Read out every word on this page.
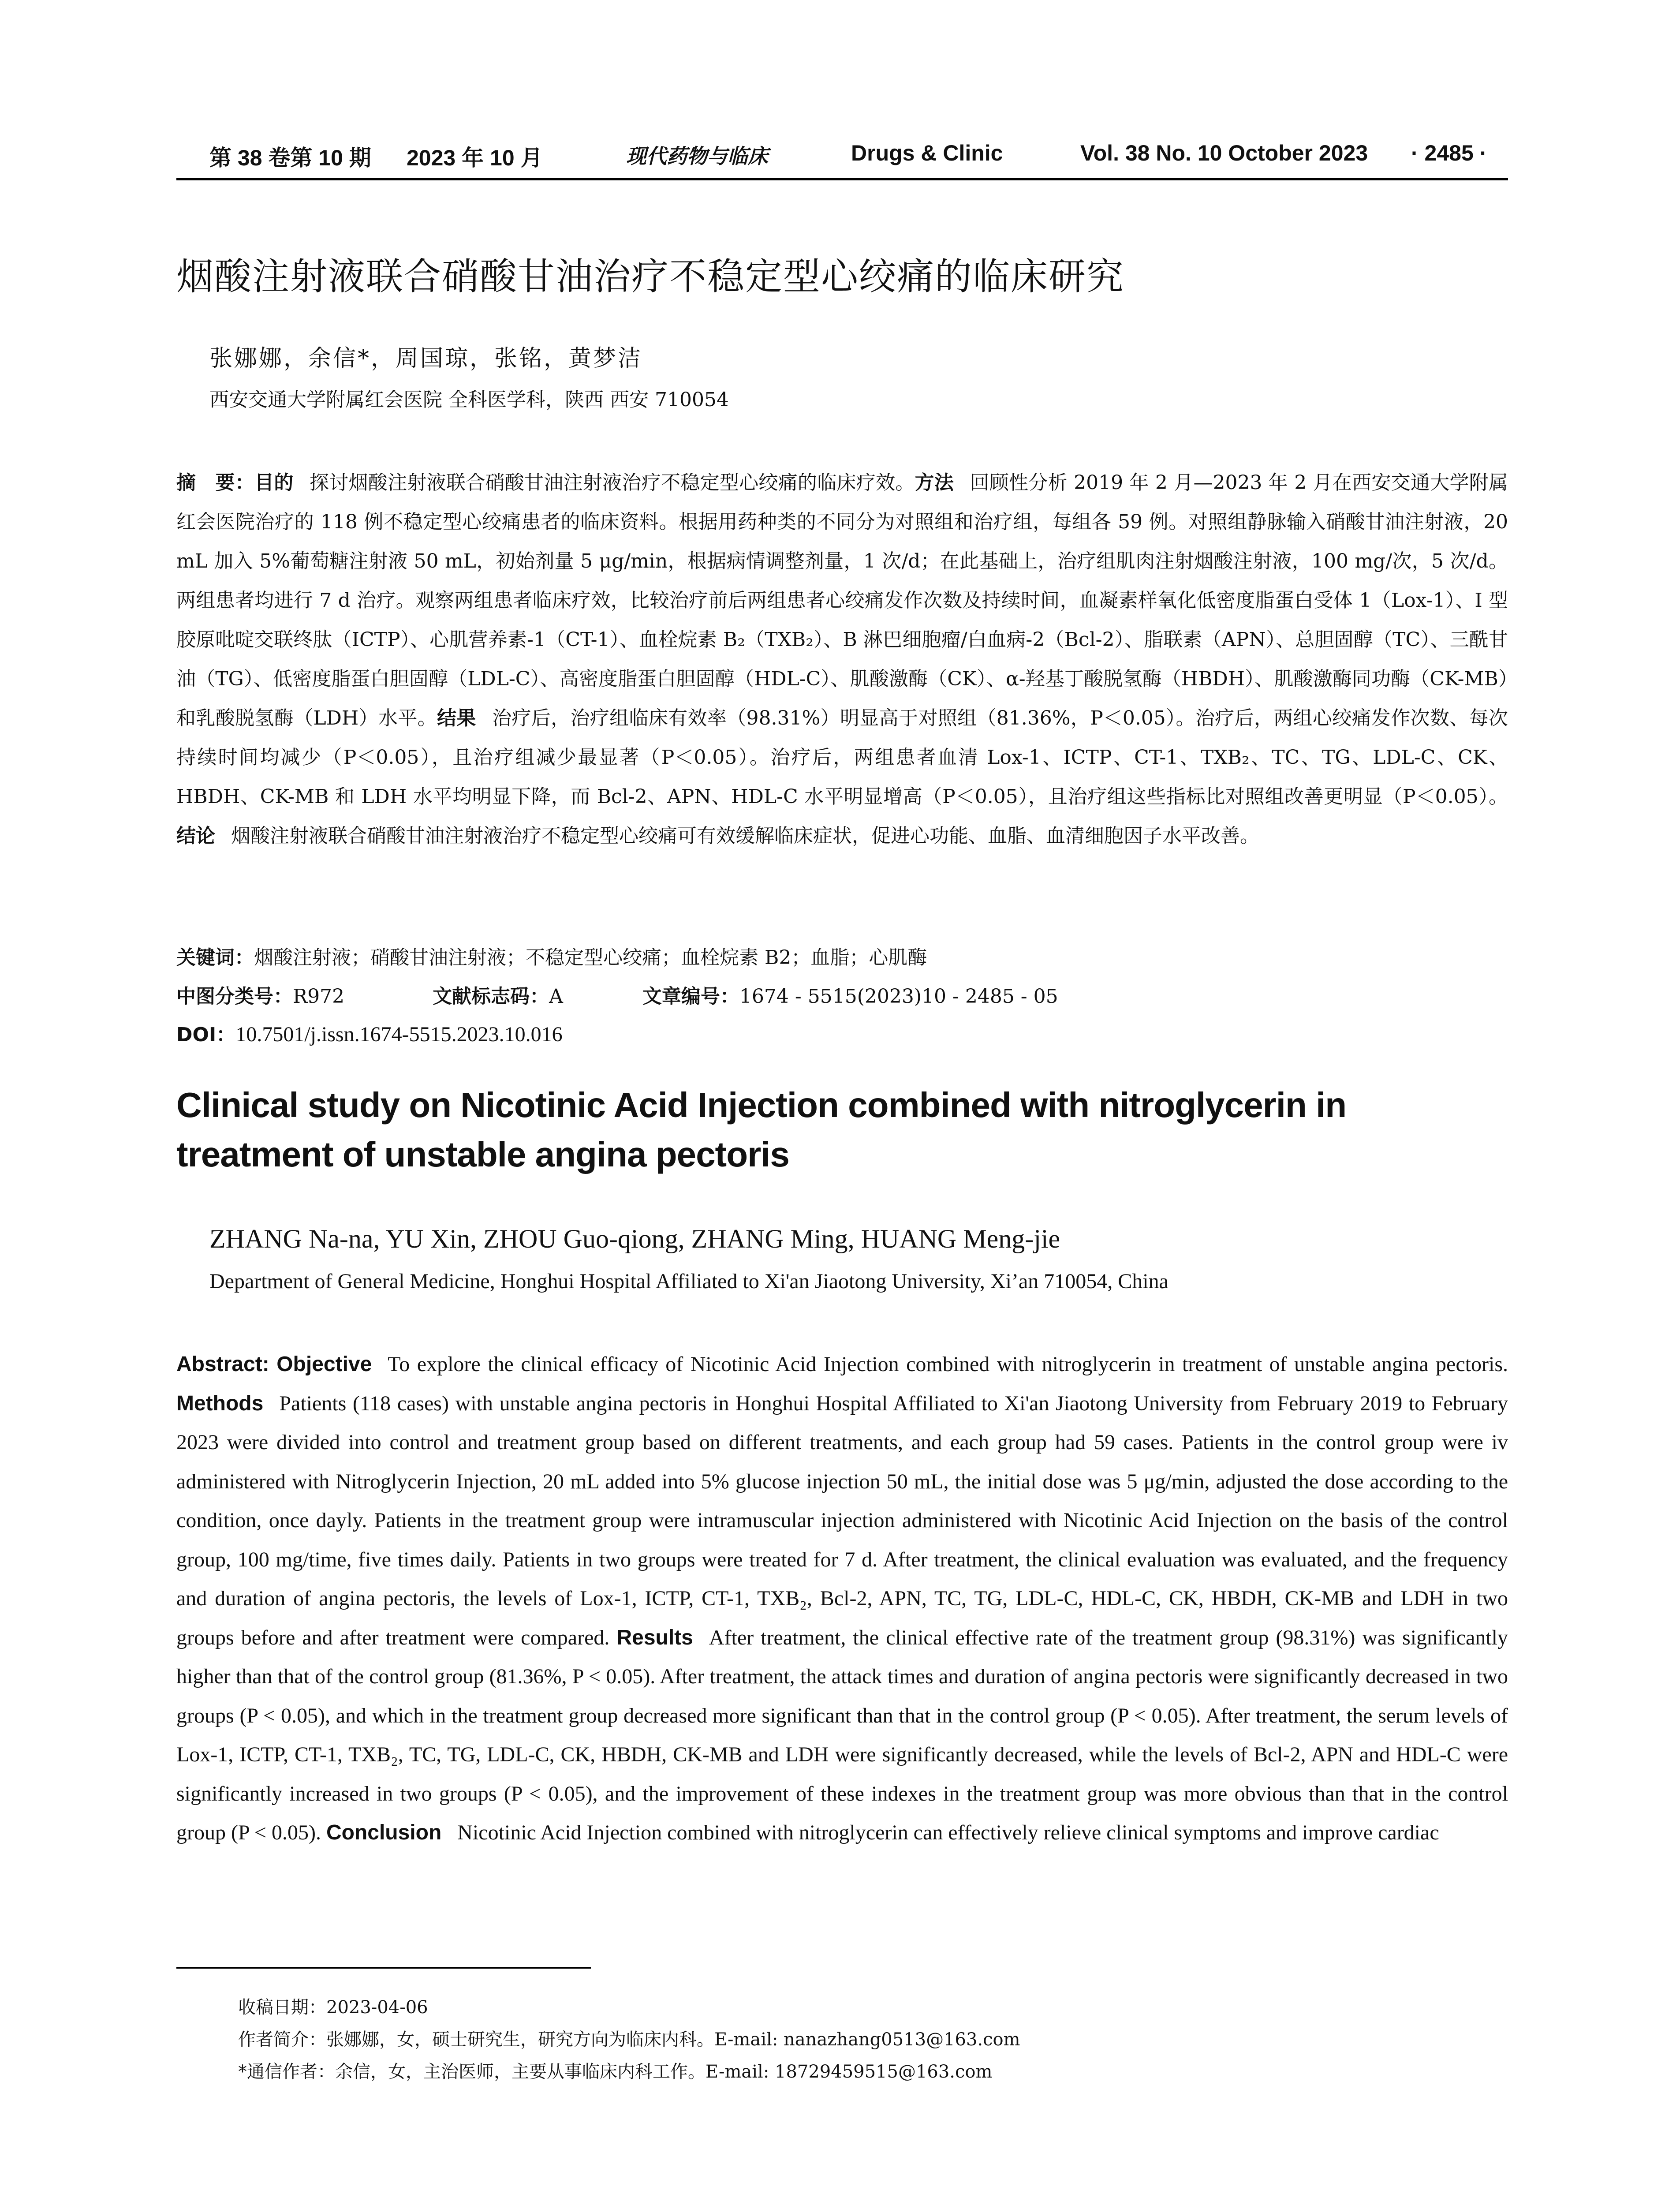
第 38 卷第 10 期 2023 年 10 月	现代药物与临床	Drugs & Clinic	Vol. 38 No. 10 October 2023 · 2485 ·
烟酸注射液联合硝酸甘油治疗不稳定型心绞痛的临床研究
张娜娜，余信*，周国琼，张铭，黄梦洁
西安交通大学附属红会医院 全科医学科，陕西 西安 710054
摘　要：目的 探讨烟酸注射液联合硝酸甘油注射液治疗不稳定型心绞痛的临床疗效。方法 回顾性分析 2019 年 2 月—2023 年 2 月在西安交通大学附属红会医院治疗的 118 例不稳定型心绞痛患者的临床资料。根据用药种类的不同分为对照组和治疗组，每组各 59 例。对照组静脉输入硝酸甘油注射液，20 mL 加入 5%葡萄糖注射液 50 mL，初始剂量 5 μg/min，根据病情调整剂量，1 次/d；在此基础上，治疗组肌肉注射烟酸注射液，100 mg/次，5 次/d。两组患者均进行 7 d 治疗。观察两组患者临床疗效，比较治疗前后两组患者心绞痛发作次数及持续时间，血凝素样氧化低密度脂蛋白受体 1（Lox-1）、I 型胶原吡啶交联终肽（ICTP）、心肌营养素-1（CT-1）、血栓烷素 B₂（TXB₂）、B 淋巴细胞瘤/白血病-2（Bcl-2）、脂联素（APN）、总胆固醇（TC）、三酰甘油（TG）、低密度脂蛋白胆固醇（LDL-C）、高密度脂蛋白胆固醇（HDL-C）、肌酸激酶（CK）、α-羟基丁酸脱氢酶（HBDH）、肌酸激酶同功酶（CK-MB）和乳酸脱氢酶（LDH）水平。结果 治疗后，治疗组临床有效率（98.31%）明显高于对照组（81.36%，P＜0.05）。治疗后，两组心绞痛发作次数、每次持续时间均减少（P＜0.05），且治疗组减少最显著（P＜0.05）。治疗后，两组患者血清 Lox-1、ICTP、CT-1、TXB₂、TC、TG、LDL-C、CK、HBDH、CK-MB 和 LDH 水平均明显下降，而 Bcl-2、APN、HDL-C 水平明显增高（P＜0.05），且治疗组这些指标比对照组改善更明显（P＜0.05）。结论 烟酸注射液联合硝酸甘油注射液治疗不稳定型心绞痛可有效缓解临床症状，促进心功能、血脂、血清细胞因子水平改善。
关键词：烟酸注射液；硝酸甘油注射液；不稳定型心绞痛；血栓烷素 B2；血脂；心肌酶
中图分类号：R972	文献标志码：A	文章编号：1674 - 5515(2023)10 - 2485 - 05
DOI：10.7501/j.issn.1674-5515.2023.10.016
Clinical study on Nicotinic Acid Injection combined with nitroglycerin in treatment of unstable angina pectoris
ZHANG Na-na, YU Xin, ZHOU Guo-qiong, ZHANG Ming, HUANG Meng-jie
Department of General Medicine, Honghui Hospital Affiliated to Xi'an Jiaotong University, Xi’an 710054, China
Abstract: Objective To explore the clinical efficacy of Nicotinic Acid Injection combined with nitroglycerin in treatment of unstable angina pectoris. Methods Patients (118 cases) with unstable angina pectoris in Honghui Hospital Affiliated to Xi'an Jiaotong University from February 2019 to February 2023 were divided into control and treatment group based on different treatments, and each group had 59 cases. Patients in the control group were iv administered with Nitroglycerin Injection, 20 mL added into 5% glucose injection 50 mL, the initial dose was 5 μg/min, adjusted the dose according to the condition, once dayly. Patients in the treatment group were intramuscular injection administered with Nicotinic Acid Injection on the basis of the control group, 100 mg/time, five times daily. Patients in two groups were treated for 7 d. After treatment, the clinical evaluation was evaluated, and the frequency and duration of angina pectoris, the levels of Lox-1, ICTP, CT-1, TXB₂, Bcl-2, APN, TC, TG, LDL-C, HDL-C, CK, HBDH, CK-MB and LDH in two groups before and after treatment were compared. Results After treatment, the clinical effective rate of the treatment group (98.31%) was significantly higher than that of the control group (81.36%, P < 0.05). After treatment, the attack times and duration of angina pectoris were significantly decreased in two groups (P < 0.05), and which in the treatment group decreased more significant than that in the control group (P < 0.05). After treatment, the serum levels of Lox-1, ICTP, CT-1, TXB₂, TC, TG, LDL-C, CK, HBDH, CK-MB and LDH were significantly decreased, while the levels of Bcl-2, APN and HDL-C were significantly increased in two groups (P < 0.05), and the improvement of these indexes in the treatment group was more obvious than that in the control group (P < 0.05). Conclusion Nicotinic Acid Injection combined with nitroglycerin can effectively relieve clinical symptoms and improve cardiac
收稿日期：2023-04-06
作者简介：张娜娜，女，硕士研究生，研究方向为临床内科。E-mail: nanazhang0513@163.com
*通信作者：余信，女，主治医师，主要从事临床内科工作。E-mail: 18729459515@163.com
